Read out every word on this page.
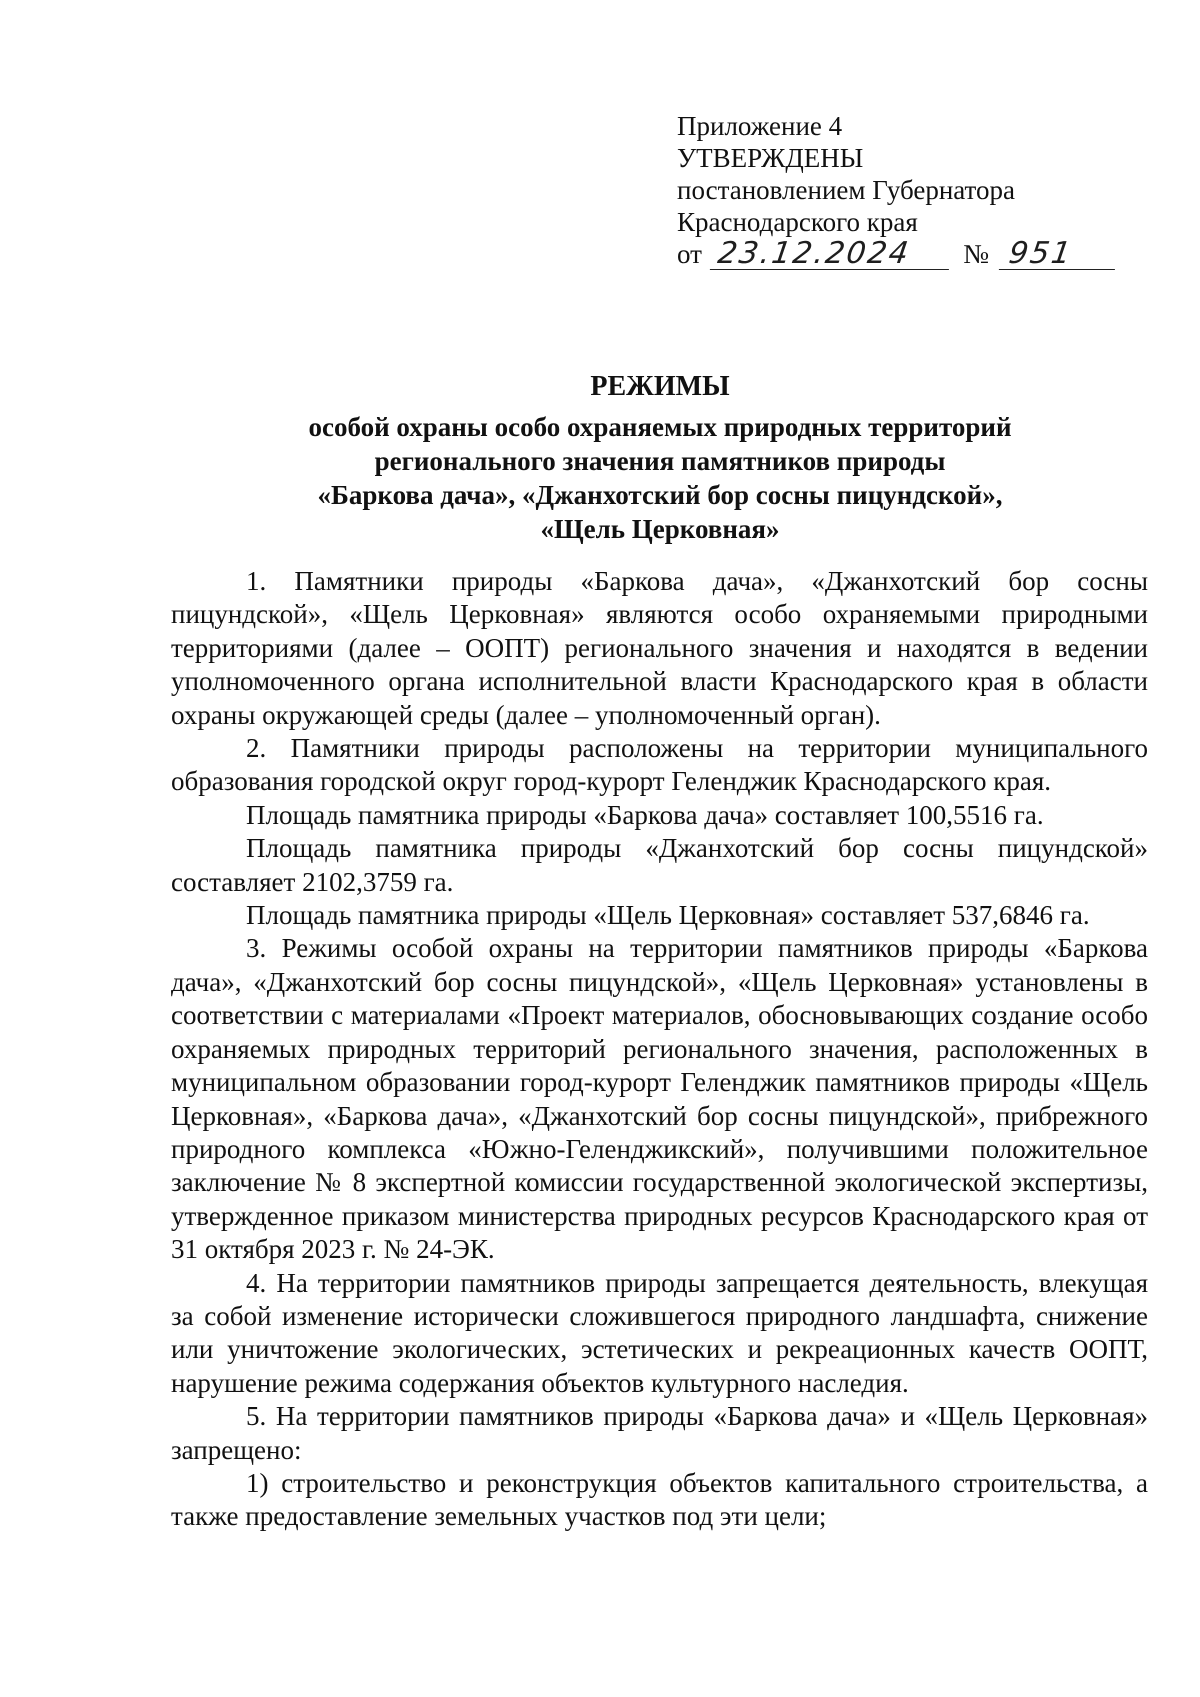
Приложение 4

УТВЕРЖДЕНЫ

постановлением Губернатора

Краснодарского края

от 23.12.2024	№ 951

РЕЖИМЫ

особой охраны особо охраняемых природных территорий

регионального значения памятников природы

«Баркова дача», «Джанхотский бор сосны пицундской»,

«Щель Церковная»

1. Памятники природы «Баркова дача», «Джанхотский бор сосны пицундской», «Щель Церковная» являются особо охраняемыми природными территориями (далее – ООПТ) регионального значения и находятся в ведении уполномоченного органа исполнительной власти Краснодарского края в области охраны окружающей среды (далее – уполномоченный орган).

2. Памятники природы расположены на территории муниципального образования городской округ город-курорт Геленджик Краснодарского края.

Площадь памятника природы «Баркова дача» составляет 100,5516 га.

Площадь памятника природы «Джанхотский бор сосны пицундской» составляет 2102,3759 га.

Площадь памятника природы «Щель Церковная» составляет 537,6846 га.

3. Режимы особой охраны на территории памятников природы «Баркова дача», «Джанхотский бор сосны пицундской», «Щель Церковная» установлены в соответствии с материалами «Проект материалов, обосновывающих создание особо охраняемых природных территорий регионального значения, расположенных в муниципальном образовании город-курорт Геленджик памятников природы «Щель Церковная», «Баркова дача», «Джанхотский бор сосны пицундской», прибрежного природного комплекса «Южно-Геленджикский», получившими положительное заключение № 8 экспертной комиссии государственной экологической экспертизы, утвержденное приказом министерства природных ресурсов Краснодарского края от 31 октября 2023 г. № 24-ЭК.

4. На территории памятников природы запрещается деятельность, влекущая за собой изменение исторически сложившегося природного ландшафта, снижение или уничтожение экологических, эстетических и рекреационных качеств ООПТ, нарушение режима содержания объектов культурного наследия.

5. На территории памятников природы «Баркова дача» и «Щель Церковная» запрещено:

1) строительство и реконструкция объектов капитального строительства, а также предоставление земельных участков под эти цели;
